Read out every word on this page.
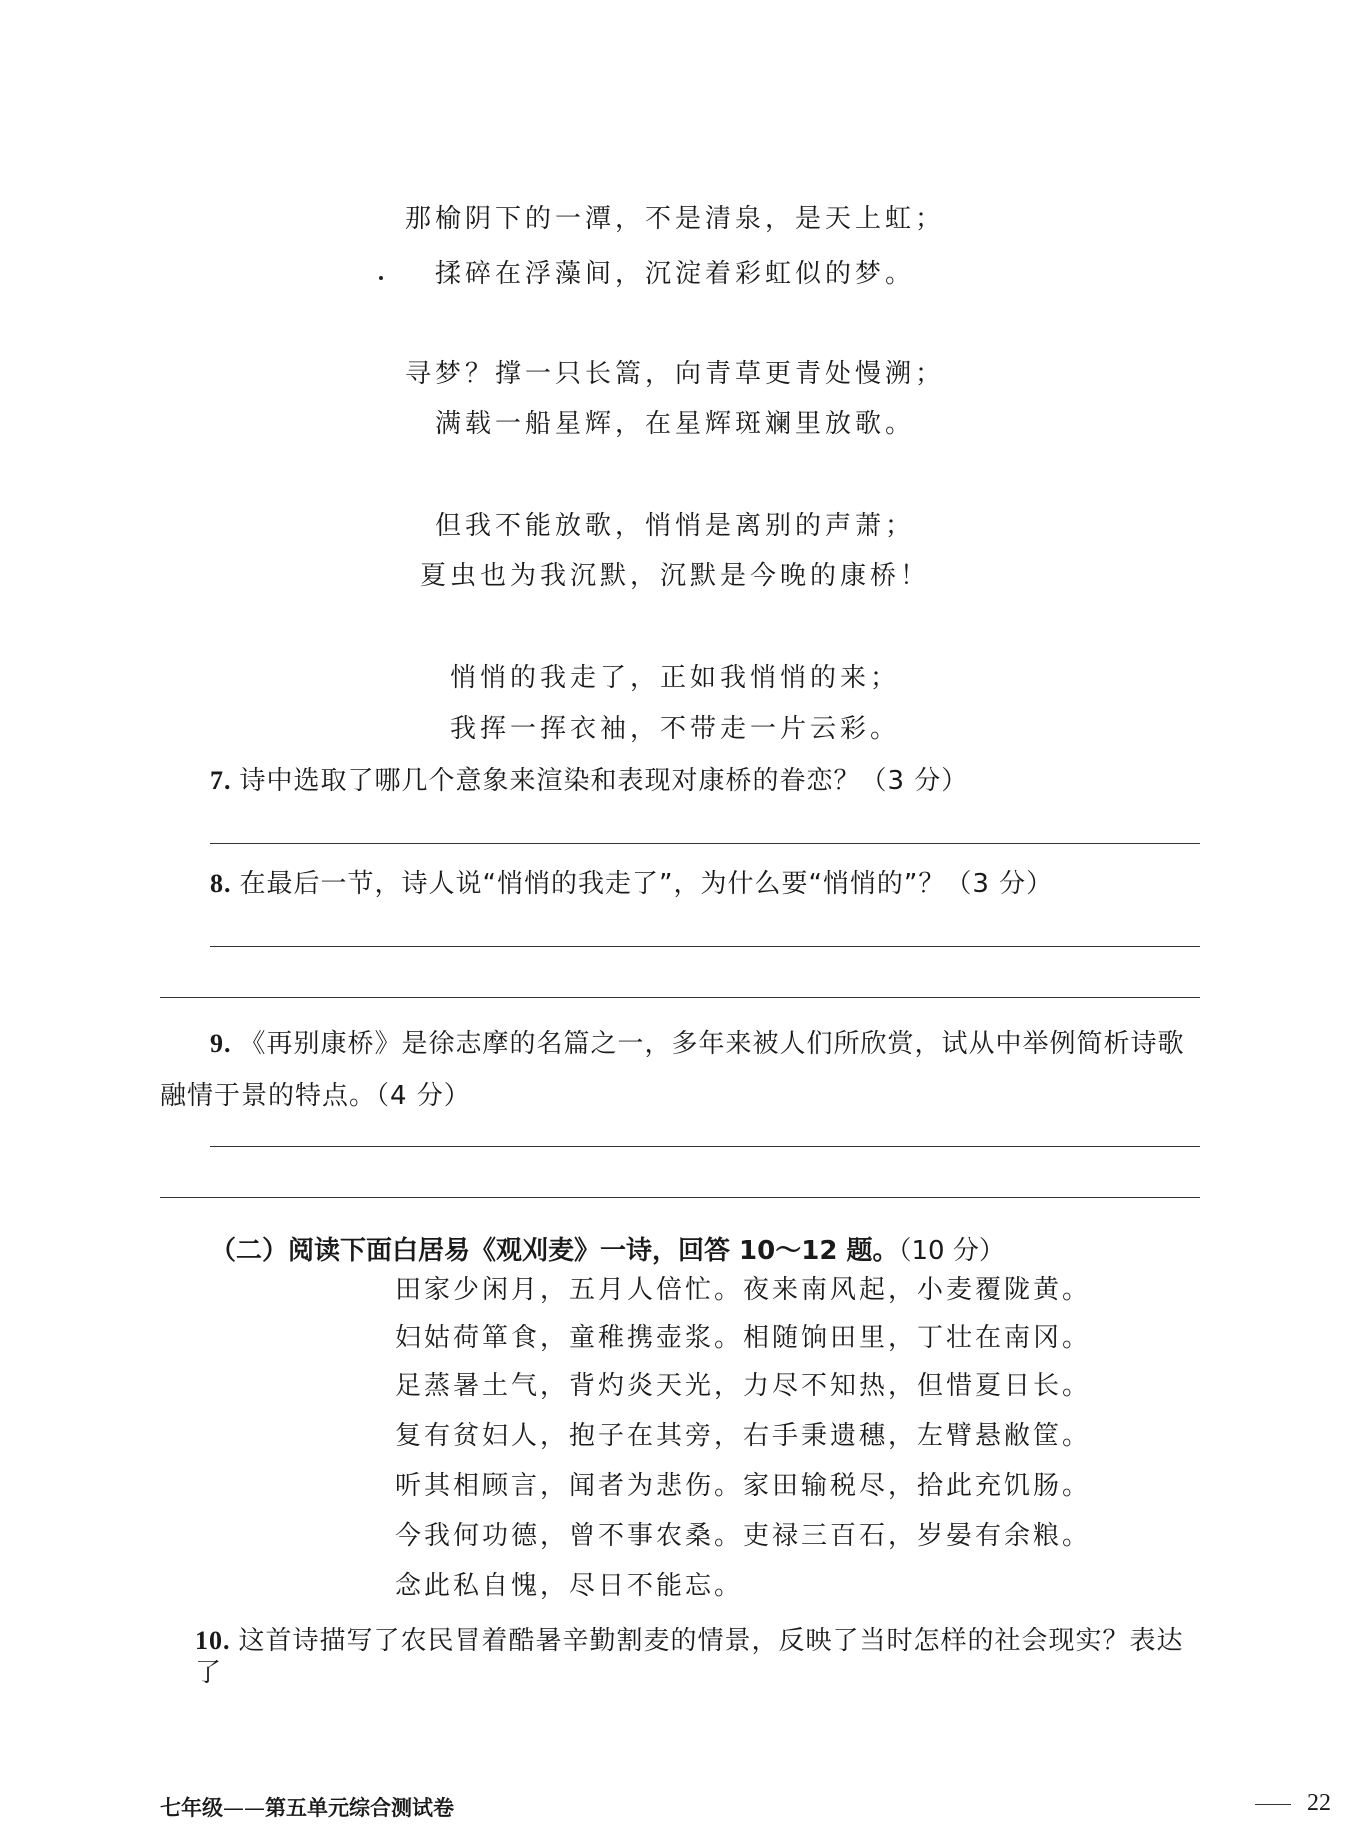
那榆阴下的一潭，不是清泉，是天上虹；
揉碎在浮藻间，沉淀着彩虹似的梦。
寻梦？撑一只长篙，向青草更青处慢溯；
满载一船星辉，在星辉斑斓里放歌。
但我不能放歌，悄悄是离别的声萧；
夏虫也为我沉默，沉默是今晚的康桥！
悄悄的我走了，正如我悄悄的来；
我挥一挥衣袖，不带走一片云彩。
7. 诗中选取了哪几个意象来渲染和表现对康桥的眷恋？（3 分）
8. 在最后一节，诗人说“悄悄的我走了”，为什么要“悄悄的”？（3 分）
9. 《再别康桥》是徐志摩的名篇之一，多年来被人们所欣赏，试从中举例简析诗歌融情于景的特点。（4 分）
（二）阅读下面白居易《观刈麦》一诗，回答 10～12 题。（10 分）
田家少闲月，五月人倍忙。夜来南风起，小麦覆陇黄。
妇姑荷箪食，童稚携壶浆。相随饷田里，丁壮在南冈。
足蒸暑土气，背灼炎天光，力尽不知热，但惜夏日长。
复有贫妇人，抱子在其旁，右手秉遗穗，左臂悬敝筐。
听其相顾言，闻者为悲伤。家田输税尽，拾此充饥肠。
今我何功德，曾不事农桑。吏禄三百石，岁晏有余粮。
念此私自愧，尽日不能忘。
10. 这首诗描写了农民冒着酷暑辛勤割麦的情景，反映了当时怎样的社会现实？表达了
七年级——第五单元综合测试卷	22
